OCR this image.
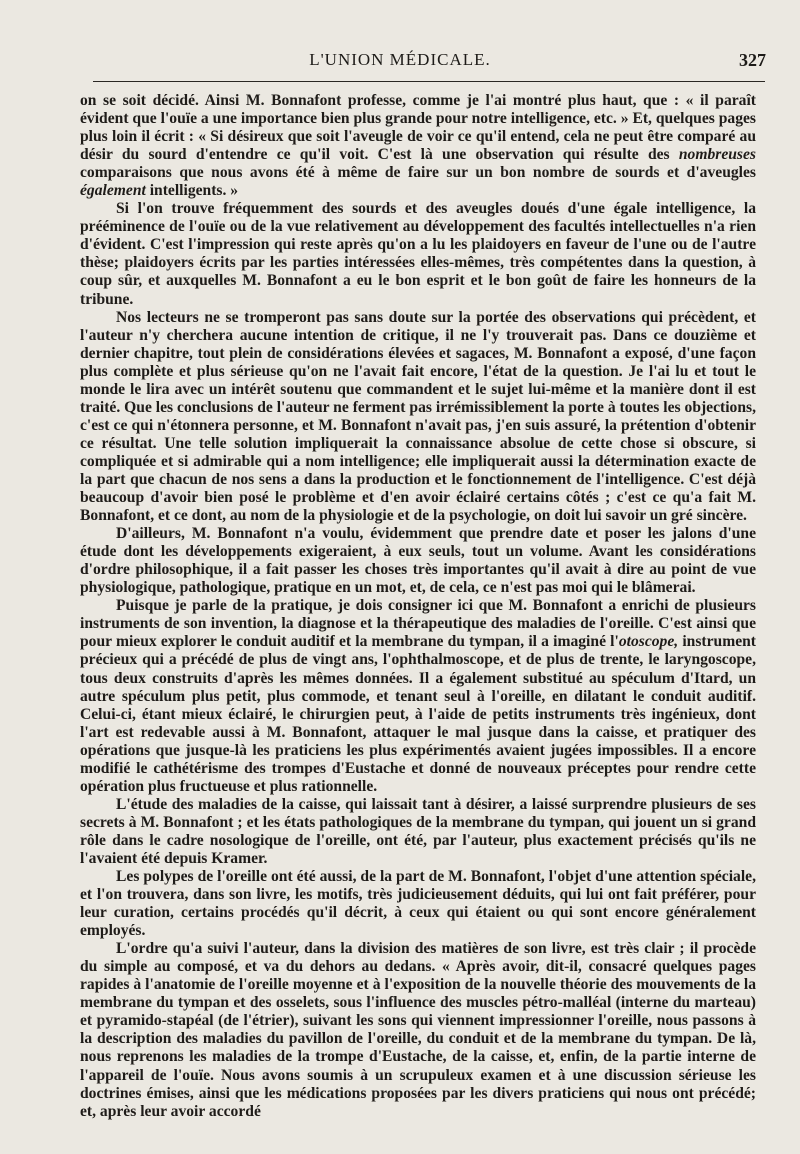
L'UNION MÉDICALE.	327

on se soit décidé. Ainsi M. Bonnafont professe, comme je l'ai montré plus haut, que : « il paraît évident que l'ouïe a une importance bien plus grande pour notre intelligence, etc. » Et, quelques pages plus loin il écrit : « Si désireux que soit l'aveugle de voir ce qu'il entend, cela ne peut être comparé au désir du sourd d'entendre ce qu'il voit. C'est là une observation qui résulte des nombreuses comparaisons que nous avons été à même de faire sur un bon nombre de sourds et d'aveugles également intelligents. »

Si l'on trouve fréquemment des sourds et des aveugles doués d'une égale intelligence, la prééminence de l'ouïe ou de la vue relativement au développement des facultés intellectuelles n'a rien d'évident. C'est l'impression qui reste après qu'on a lu les plaidoyers en faveur de l'une ou de l'autre thèse; plaidoyers écrits par les parties intéressées elles-mêmes, très compétentes dans la question, à coup sûr, et auxquelles M. Bonnafont a eu le bon esprit et le bon goût de faire les honneurs de la tribune.

Nos lecteurs ne se tromperont pas sans doute sur la portée des observations qui précèdent, et l'auteur n'y cherchera aucune intention de critique, il ne l'y trouverait pas. Dans ce douzième et dernier chapitre, tout plein de considérations élevées et sagaces, M. Bonnafont a exposé, d'une façon plus complète et plus sérieuse qu'on ne l'avait fait encore, l'état de la question. Je l'ai lu et tout le monde le lira avec un intérêt soutenu que commandent et le sujet lui-même et la manière dont il est traité. Que les conclusions de l'auteur ne ferment pas irrémissiblement la porte à toutes les objections, c'est ce qui n'étonnera personne, et M. Bonnafont n'avait pas, j'en suis assuré, la prétention d'obtenir ce résultat. Une telle solution impliquerait la connaissance absolue de cette chose si obscure, si compliquée et si admirable qui a nom intelligence; elle impliquerait aussi la détermination exacte de la part que chacun de nos sens a dans la production et le fonctionnement de l'intelligence. C'est déjà beaucoup d'avoir bien posé le problème et d'en avoir éclairé certains côtés ; c'est ce qu'a fait M. Bonnafont, et ce dont, au nom de la physiologie et de la psychologie, on doit lui savoir un gré sincère.

D'ailleurs, M. Bonnafont n'a voulu, évidemment que prendre date et poser les jalons d'une étude dont les développements exigeraient, à eux seuls, tout un volume. Avant les considérations d'ordre philosophique, il a fait passer les choses très importantes qu'il avait à dire au point de vue physiologique, pathologique, pratique en un mot, et, de cela, ce n'est pas moi qui le blâmerai.

Puisque je parle de la pratique, je dois consigner ici que M. Bonnafont a enrichi de plusieurs instruments de son invention, la diagnose et la thérapeutique des maladies de l'oreille. C'est ainsi que pour mieux explorer le conduit auditif et la membrane du tympan, il a imaginé l'otoscope, instrument précieux qui a précédé de plus de vingt ans, l'ophthalmoscope, et de plus de trente, le laryngoscope, tous deux construits d'après les mêmes données. Il a également substitué au spéculum d'Itard, un autre spéculum plus petit, plus commode, et tenant seul à l'oreille, en dilatant le conduit auditif. Celui-ci, étant mieux éclairé, le chirurgien peut, à l'aide de petits instruments très ingénieux, dont l'art est redevable aussi à M. Bonnafont, attaquer le mal jusque dans la caisse, et pratiquer des opérations que jusque-là les praticiens les plus expérimentés avaient jugées impossibles. Il a encore modifié le cathétérisme des trompes d'Eustache et donné de nouveaux préceptes pour rendre cette opération plus fructueuse et plus rationnelle.

L'étude des maladies de la caisse, qui laissait tant à désirer, a laissé surprendre plusieurs de ses secrets à M. Bonnafont ; et les états pathologiques de la membrane du tympan, qui jouent un si grand rôle dans le cadre nosologique de l'oreille, ont été, par l'auteur, plus exactement précisés qu'ils ne l'avaient été depuis Kramer.

Les polypes de l'oreille ont été aussi, de la part de M. Bonnafont, l'objet d'une attention spéciale, et l'on trouvera, dans son livre, les motifs, très judicieusement déduits, qui lui ont fait préférer, pour leur curation, certains procédés qu'il décrit, à ceux qui étaient ou qui sont encore généralement employés.

L'ordre qu'a suivi l'auteur, dans la division des matières de son livre, est très clair ; il procède du simple au composé, et va du dehors au dedans. « Après avoir, dit-il, consacré quelques pages rapides à l'anatomie de l'oreille moyenne et à l'exposition de la nouvelle théorie des mouvements de la membrane du tympan et des osselets, sous l'influence des muscles pétro-malléal (interne du marteau) et pyramido-stapéal (de l'étrier), suivant les sons qui viennent impressionner l'oreille, nous passons à la description des maladies du pavillon de l'oreille, du conduit et de la membrane du tympan. De là, nous reprenons les maladies de la trompe d'Eustache, de la caisse, et, enfin, de la partie interne de l'appareil de l'ouïe. Nous avons soumis à un scrupuleux examen et à une discussion sérieuse les doctrines émises, ainsi que les médications proposées par les divers praticiens qui nous ont précédé; et, après leur avoir accordé
